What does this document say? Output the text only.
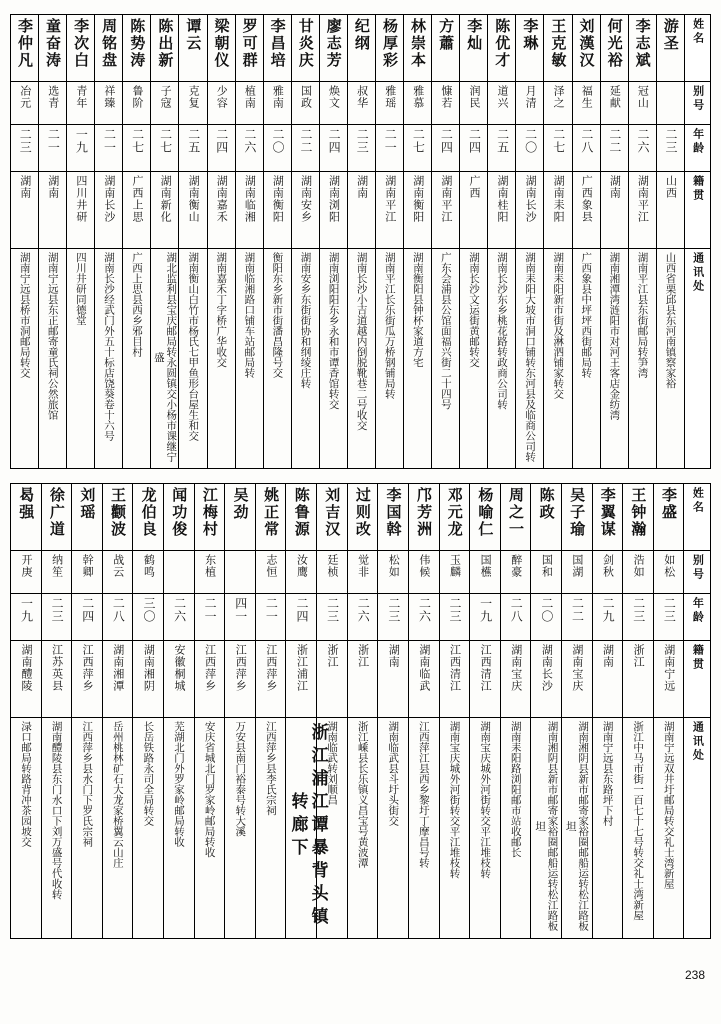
李仲凡	童奋涛	李次白	周铭盘	陈势涛	陈出新	谭云	梁朝仪	罗可群	李昌培	甘炎庆	廖志芳	纪纲	杨厚彩	林崇本	方蕭	李灿	陈优才	李琳	王克敏	刘漢汉	何光裕	李志斌	游圣	姓名
冶元	选青	青年	祥臻	鲁阶	子寇	克复	少容	植南	雅南	国政	焕文	叔华	雅瑶	雅慕	慷若	润民	道兴	月清	泽之	福生	延献	冠山		别号
二三	二一	一九	二一	二七	二七	二五	二四	二六	二〇	二二	二四	二三	二一	二七	二四	二四	二五	二〇	二七	二八	二二	二六	二三	年龄
湖南	湖南	四川井研	湖南长沙	广西上思	湖南新化	湖南衡山	湖南嘉禾	湖南临湘	湖南衡阳	湖南安乡	湖南浏阳	湖南	湖南平江	湖南衡阳	湖南平江	广西	湖南桂阳	湖南长沙	湖南耒阳	广西象县	湖南	湖南平江	山西	籍贯
湖南宁远县桥市洞邮局转交	湖南宁远县东正邮寄童氏祠公然旅馆	四川井研同德堂	湖南长沙经武门外五十标店饶葵卷十六号	广西上思县西乡邪目村	湖北监利县宝庆邮局转永圆镇交小杨市课继宁盛	湖南衡山白竹市杨氏七甲鱼形台屋生和交	湖南嘉禾丁字桥广华收交	湖南临湘路口铺车站邮局转	衡阳东乡新市街潘昌隆号交	湖南安乡东街街协和纲绫庄转	湖南浏阳阳东乡永和市谭香馆转交	湖南长沙小吉道越内倒脱靴巷二号收交	湖南平江长乐街瓜万桥钢铺局转	湖南衡阳县钟杯家道方宅	广东会浦县公馆面福兴街二十四号	湖南长沙文运街黄邮转交	湖南长沙东乡桃花路转政商公司转	湖南耒阳大坡市洞口铺转东河县及临商公司转	湖南耒阳新市街及淋泗铺家转交	广西象县中坪坪西街邮局转	湖南湘潭湾涟阳市对河王客店金纺湾	湖南平江县东街邮局转笋湾	山西省栗邱县东河南镇察家裕	通讯处
曷强	徐广道	刘瑶	王颧波	龙伯良	闻功俊	江梅村	吴劲	姚正常	陈鲁源	刘吉汉	过则改	李国斡	邝芳洲	邓元龙	杨喻仁	周之一	陈政	吴子瑜	李翼谋	王钟瀚	李盛	姓名
开庚	纳笙	幹卿	战云	鹤鸣		东植		志恒	汝鹰	廷桢	觉非	松如	伟候	玉麟	国櫵	醉豪	国和	国湖	剑秋	浩如	如松	别号
一九	二三	二四	二八	三〇	二六	二一	四一	二一	二四	二三	二六	二三	二六	二三	一九	二八	二〇	二二	二九	二三	二三	年龄
湖南醴陵	江苏英县	江西萍乡	湖南湘潭	湖南湘阴	安徽桐城	江西萍乡	江西萍乡	江西萍乡	浙江浦江	浙江	浙江	湖南	湖南临武	江西清江	江西清江	湖南宝庆	湖南长沙	湖南宝庆	湖南	浙江	湖南宁远	籍贯
渌口邮局转路背冲茶园坡交	湖南醴陵县东门水口下刘万盛号代收转	江西萍乡县水门下罗氏宗祠	岳州桃林矿石大龙家桥翼云山庄	长岳铁路永司全局转交	芜湖北门外罗家岭邮局转收	安庆省城北门罗家岭邮局转收	万安县南门裕泰号转大溪	江西萍乡县李氏宗祠	浙江浦江谭暴背头镇转廊下	湖南临武转刘顺昌	浙江嵊县长乐镇义昌宝号黄波潭	湖南临武县斗圩头街交	江西萍江县西乡黎圩丁摩昌号转	湖南宝庆城外河街转交平江堆枝转	湖南宝庆城外河街转交平江堆枝转	湖南耒阳路浏阳邮市站收邮长	湖南湘阴县新市邮寄家裕圈邮船运转松江路板坦	湖南湘阴县新市邮寄家裕圈邮船运转松江路板坦	湖南宁远县东路坪下村	浙江中马市街一百七十七号转交礼士湾新屋	湖南宁远双井圩邮局转交礼士湾新屋	通讯处
238
